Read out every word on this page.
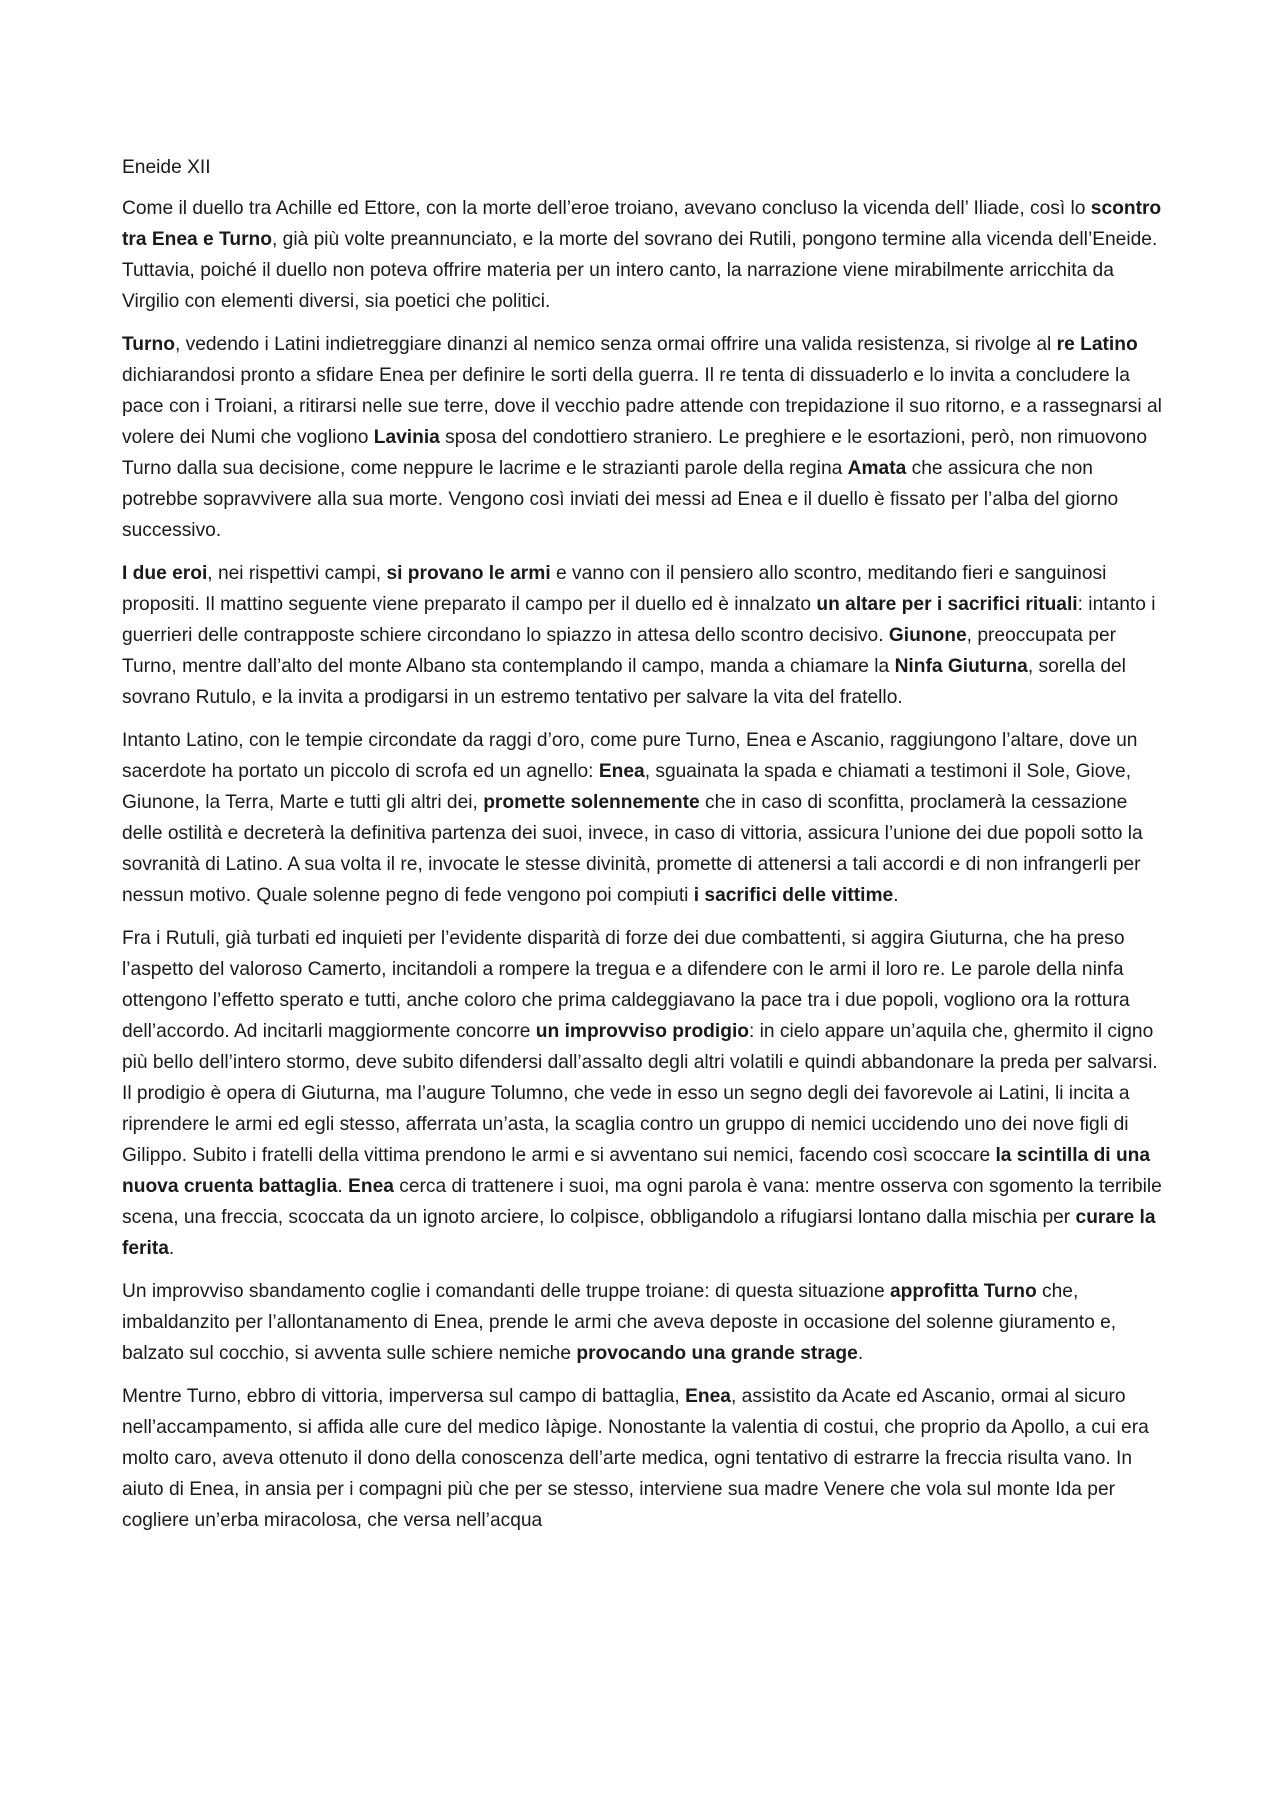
Eneide XII

Come il duello tra Achille ed Ettore, con la morte dell’eroe troiano, avevano concluso la vicenda dell’ Iliade, così lo scontro tra Enea e Turno, già più volte preannunciato, e la morte del sovrano dei Rutili, pongono termine alla vicenda dell’Eneide. Tuttavia, poiché il duello non poteva offrire materia per un intero canto, la narrazione viene mirabilmente arricchita da Virgilio con elementi diversi, sia poetici che politici.

Turno, vedendo i Latini indietreggiare dinanzi al nemico senza ormai offrire una valida resistenza, si rivolge al re Latino dichiarandosi pronto a sfidare Enea per definire le sorti della guerra. Il re tenta di dissuaderlo e lo invita a concludere la pace con i Troiani, a ritirarsi nelle sue terre, dove il vecchio padre attende con trepidazione il suo ritorno, e a rassegnarsi al volere dei Numi che vogliono Lavinia sposa del condottiero straniero. Le preghiere e le esortazioni, però, non rimuovono Turno dalla sua decisione, come neppure le lacrime e le strazianti parole della regina Amata che assicura che non potrebbe sopravvivere alla sua morte. Vengono così inviati dei messi ad Enea e il duello è fissato per l’alba del giorno successivo.

I due eroi, nei rispettivi campi, si provano le armi e vanno con il pensiero allo scontro, meditando fieri e sanguinosi propositi. Il mattino seguente viene preparato il campo per il duello ed è innalzato un altare per i sacrifici rituali: intanto i guerrieri delle contrapposte schiere circondano lo spiazzo in attesa dello scontro decisivo. Giunone, preoccupata per Turno, mentre dall’alto del monte Albano sta contemplando il campo, manda a chiamare la Ninfa Giuturna, sorella del sovrano Rutulo, e la invita a prodigarsi in un estremo tentativo per salvare la vita del fratello.

Intanto Latino, con le tempie circondate da raggi d’oro, come pure Turno, Enea e Ascanio, raggiungono l’altare, dove un sacerdote ha portato un piccolo di scrofa ed un agnello: Enea, sguainata la spada e chiamati a testimoni il Sole, Giove, Giunone, la Terra, Marte e tutti gli altri dei, promette solennemente che in caso di sconfitta, proclamerà la cessazione delle ostilità e decreterà la definitiva partenza dei suoi, invece, in caso di vittoria, assicura l’unione dei due popoli sotto la sovranità di Latino. A sua volta il re, invocate le stesse divinità, promette di attenersi a tali accordi e di non infrangerli per nessun motivo. Quale solenne pegno di fede vengono poi compiuti i sacrifici delle vittime.

Fra i Rutuli, già turbati ed inquieti per l’evidente disparità di forze dei due combattenti, si aggira Giuturna, che ha preso l’aspetto del valoroso Camerto, incitandoli a rompere la tregua e a difendere con le armi il loro re. Le parole della ninfa ottengono l’effetto sperato e tutti, anche coloro che prima caldeggiavano la pace tra i due popoli, vogliono ora la rottura dell’accordo. Ad incitarli maggiormente concorre un improvviso prodigio: in cielo appare un’aquila che, ghermito il cigno più bello dell’intero stormo, deve subito difendersi dall’assalto degli altri volatili e quindi abbandonare la preda per salvarsi. Il prodigio è opera di Giuturna, ma l’augure Tolumno, che vede in esso un segno degli dei favorevole ai Latini, li incita a riprendere le armi ed egli stesso, afferrata un’asta, la scaglia contro un gruppo di nemici uccidendo uno dei nove figli di Gilippo. Subito i fratelli della vittima prendono le armi e si avventano sui nemici, facendo così scoccare la scintilla di una nuova cruenta battaglia. Enea cerca di trattenere i suoi, ma ogni parola è vana: mentre osserva con sgomento la terribile scena, una freccia, scoccata da un ignoto arciere, lo colpisce, obbligandolo a rifugiarsi lontano dalla mischia per curare la ferita.

Un improvviso sbandamento coglie i comandanti delle truppe troiane: di questa situazione approfitta Turno che, imbaldanzito per l’allontanamento di Enea, prende le armi che aveva deposte in occasione del solenne giuramento e, balzato sul cocchio, si avventa sulle schiere nemiche provocando una grande strage.

Mentre Turno, ebbro di vittoria, imperversa sul campo di battaglia, Enea, assistito da Acate ed Ascanio, ormai al sicuro nell’accampamento, si affida alle cure del medico Iàpige. Nonostante la valentia di costui, che proprio da Apollo, a cui era molto caro, aveva ottenuto il dono della conoscenza dell’arte medica, ogni tentativo di estrarre la freccia risulta vano. In aiuto di Enea, in ansia per i compagni più che per se stesso, interviene sua madre Venere che vola sul monte Ida per cogliere un’erba miracolosa, che versa nell’acqua
